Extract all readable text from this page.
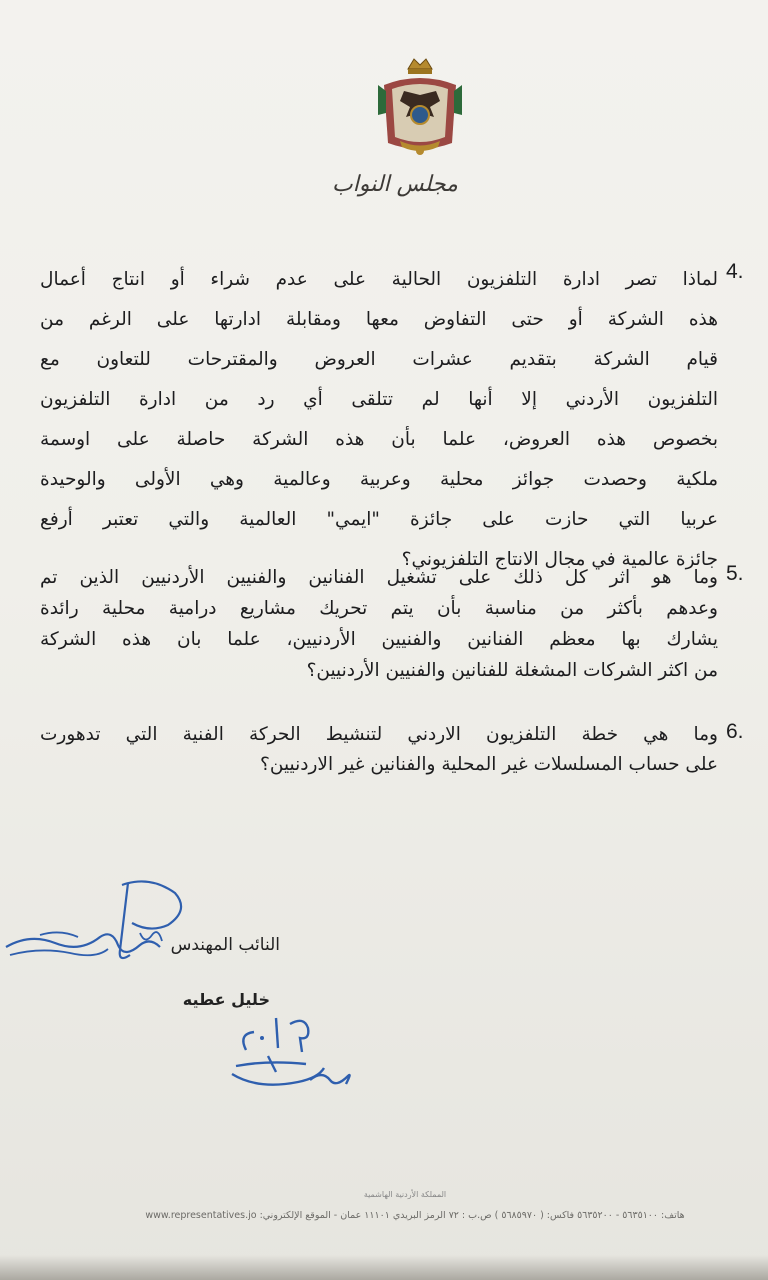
مجلس النواب
4.
لماذا تصر ادارة التلفزيون الحالية على عدم شراء أو انتاج أعمال
هذه الشركة أو حتى التفاوض معها ومقابلة ادارتها على الرغم من
قيام الشركة بتقديم عشرات العروض والمقترحات للتعاون مع
التلفزيون الأردني إلا أنها لم تتلقى أي رد من ادارة التلفزيون
بخصوص هذه العروض، علما بأن هذه الشركة حاصلة على اوسمة
ملكية وحصدت جوائز محلية وعربية وعالمية وهي الأولى والوحيدة
عربيا التي حازت على جائزة "ايمي" العالمية والتي تعتبر أرفع
جائزة عالمية في مجال الانتاج التلفزيوني؟
5.
وما هو اثر كل ذلك على تشغيل الفنانين والفنيين الأردنيين الذين تم
وعدهم بأكثر من مناسبة بأن يتم تحريك مشاريع درامية محلية رائدة
يشارك بها معظم الفنانين والفنيين الأردنيين، علما بان هذه الشركة
من اكثر الشركات المشغلة للفنانين والفنيين الأردنيين؟
6.
وما هي خطة التلفزيون الاردني لتنشيط الحركة الفنية التي تدهورت
على حساب المسلسلات غير المحلية والفنانين غير الاردنيين؟
النائب المهندس
خليل عطيه
المملكة الأردنية الهاشمية
هاتف: ٥٦٣٥١٠٠ - ٥٦٣٥٢٠٠ فاكس: ( ٥٦٨٥٩٧٠ ) ص.ب : ٧٢ الرمز البريدي ١١١٠١ عمان - الموقع الإلكتروني: www.representatives.jo
